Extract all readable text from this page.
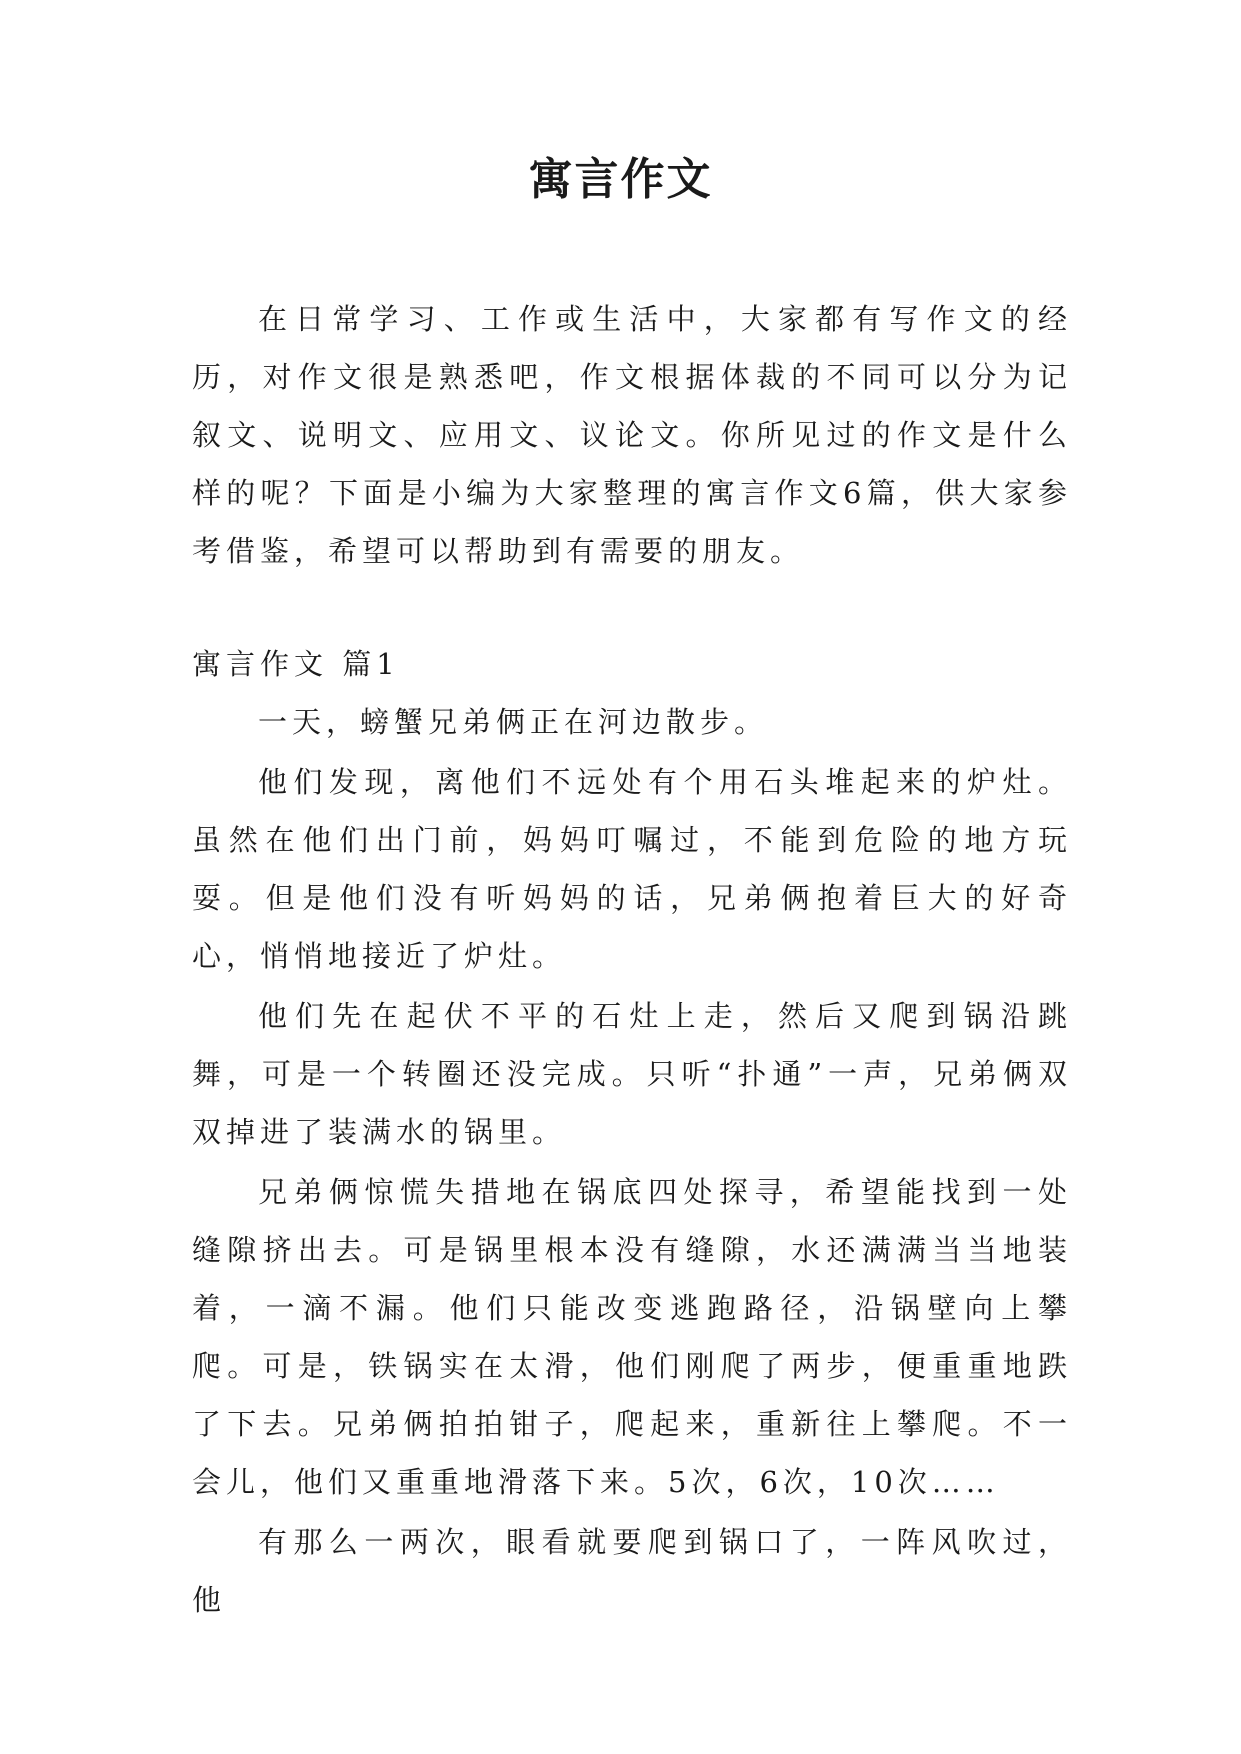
寓言作文

在日常学习、工作或生活中，大家都有写作文的经历，对作文很是熟悉吧，作文根据体裁的不同可以分为记叙文、说明文、应用文、议论文。你所见过的作文是什么样的呢？下面是小编为大家整理的寓言作文6篇，供大家参考借鉴，希望可以帮助到有需要的朋友。

寓言作文 篇1

一天，螃蟹兄弟俩正在河边散步。

他们发现，离他们不远处有个用石头堆起来的炉灶。虽然在他们出门前，妈妈叮嘱过，不能到危险的地方玩耍。但是他们没有听妈妈的话，兄弟俩抱着巨大的好奇心，悄悄地接近了炉灶。

他们先在起伏不平的石灶上走，然后又爬到锅沿跳舞，可是一个转圈还没完成。只听“扑通”一声，兄弟俩双双掉进了装满水的锅里。

兄弟俩惊慌失措地在锅底四处探寻，希望能找到一处缝隙挤出去。可是锅里根本没有缝隙，水还满满当当地装着，一滴不漏。他们只能改变逃跑路径，沿锅壁向上攀爬。可是，铁锅实在太滑，他们刚爬了两步，便重重地跌了下去。兄弟俩拍拍钳子，爬起来，重新往上攀爬。不一会儿，他们又重重地滑落下来。5次，6次，10次……

有那么一两次，眼看就要爬到锅口了，一阵风吹过，他
